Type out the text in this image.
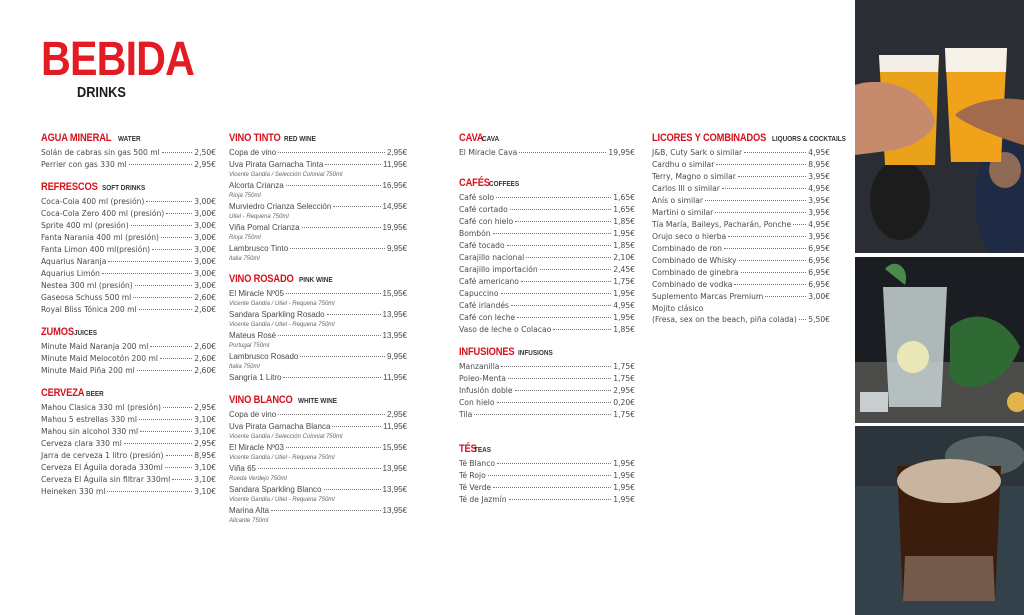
BEBIDA
DRINKS
AGUA MINERAL WATER
Solán de cabras sin gas 500 ml	2,50€
Perrier con gas 330 ml	2,95€
REFRESCOS SOFT DRINKS
Coca-Cola 400 ml (presión)	3,00€
Coca-Cola Zero 400 ml (presión)	3,00€
Sprite 400 ml (presión)	3,00€
Fanta Narania 400 ml (presión)	3,00€
Fanta Limon 400 ml(presión)	3,00€
Aquarius Naranja	3,00€
Aquarius Limón	3,00€
Nestea 300 ml (presión)	3,00€
Gaseosa Schuss 500 ml	2,60€
Royal Bliss Tónica 200 ml	2,60€
ZUMOS JUICES
Minute Maid Naranja 200 ml	2,60€
Minute Maid Melocotón 200 ml	2,60€
Minute Maid Piña 200 ml	2,60€
CERVEZA BEER
Mahou Clasica 330 ml (presión)	2,95€
Mahou 5 estrellas 330 ml	3,10€
Mahou sin alcohol 330 ml	3,10€
Cerveza clara 330 ml	2,95€
Jarra de cerveza 1 litro (presión)	8,95€
Cerveza El Águila dorada 330ml	3,10€
Cerveza El Águila sin filtrar 330ml	3,10€
Heineken 330 ml	3,10€
VINO TINTO RED WINE
Copa de vino	2,95€
Uva Pirata Garnacha Tinta	11,95€
Vicente Gandia / Selección Colonial 750ml
Alcorta Crianza	16,95€
Rioja 750ml
Murviedro Crianza Selección	14,95€
Utiel - Requena 750ml
Viña Pomal Crianza	19,95€
Rioja 750ml
Lambrusco Tinto	9,95€
Italia 750ml
VINO ROSADO PINK WINE
El Miracle Nº05	15,95€
Vicente Gandia / Utiel - Requena 750ml
Sandara Sparkling Rosado	13,95€
Vicente Gandia / Utiel - Requena 750ml
Mateus Rosé	13,95€
Portugal 750ml
Lambrusco Rosado	9,95€
Italia 750ml
Sangría 1 Litro	11,95€
VINO BLANCO WHITE WINE
Copa de vino	2,95€
Uva Pirata Garnacha Blanca	11,95€
Vicente Gandia / Selección Colonial 750ml
El Miracle Nº03	15,95€
Vicente Gandia / Utiel - Requena 750ml
Viña 65	13,95€
Rueda Verdejo 750ml
Sandara Sparkling Blanco	13,95€
Vicente Gandia / Utiel - Requena 750ml
Marina Alta	13,95€
Alicante 750ml
CAVA
CAVA
El Miracle Cava	19,95€
CAFÉS COFFEES
Café solo	1,65€
Café cortado	1,65€
Café con hielo	1,85€
Bombón	1,95€
Café tocado	1,85€
Carajillo nacional	2,10€
Carajillo importación	2,45€
Café americano	1,75€
Capuccino	1,95€
Café irlandés	4,95€
Café con leche	1,95€
Vaso de leche o Colacao	1,85€
INFUSIONES INFUSIONS
Manzanilla	1,75€
Poleo-Menta	1,75€
Infusión doble	2,95€
Con hielo	0,20€
Tila	1,75€
TÉS
TEAS
Té Blanco	1,95€
Té Rojo	1,95€
Té Verde	1,95€
Té de Jazmín	1,95€
LICORES Y COMBINADOS LIQUORS & COCKTAILS
J&B, Cuty Sark o similar	4,95€
Cardhu o similar	8,95€
Terry, Magno o similar	3,95€
Carlos III o similar	4,95€
Anís o similar	3,95€
Martini o similar	3,95€
Tía María, Baileys, Pacharán, Ponche 4,95€
Orujo seco o hierba	3,95€
Combinado de ron	6,95€
Combinado de Whisky	6,95€
Combinado de ginebra	6,95€
Combinado de vodka	6,95€
Suplemento Marcas Premium	3,00€
Mojito clásico
(Fresa, sex on the beach, piña colada) 5,50€
